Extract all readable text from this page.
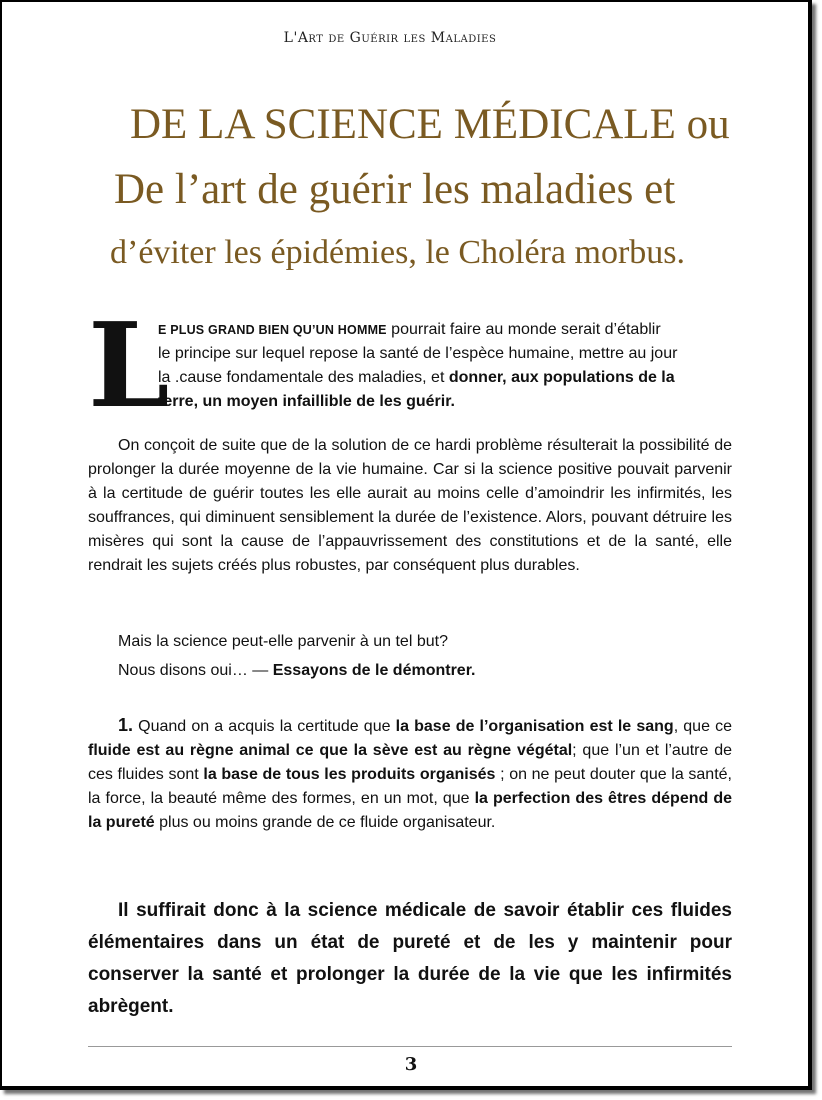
L'Art de Guérir les Maladies
DE LA SCIENCE MÉDICALE ou
De l’art de guérir les maladies et
d’éviter les épidémies, le Choléra morbus.
L
E PLUS GRAND BIEN QU’UN HOMME pourrait faire au monde serait d’établir
le principe sur lequel repose la santé de l’espèce humaine, mettre au jour
la .cause fondamentale des maladies, et donner, aux populations de la
terre, un moyen infaillible de les guérir.

On conçoit de suite que de la solution de ce hardi problème résulterait la possibilité de prolonger la durée moyenne de la vie humaine. Car si la science positive pouvait parvenir à la certitude de guérir toutes les elle aurait au moins celle d’amoindrir les infirmités, les souffrances, qui diminuent sensiblement la durée de l’existence. Alors, pouvant détruire les misères qui sont la cause de l’appauvrissement des constitutions et de la santé, elle rendrait les sujets créés plus robustes, par conséquent plus durables.

Mais la science peut-elle parvenir à un tel but?

Nous disons oui… — Essayons de le démontrer.

1. Quand on a acquis la certitude que la base de l’organisation est le sang, que ce fluide est au règne animal ce que la sève est au règne végétal; que l’un et l’autre de ces fluides sont la base de tous les produits organisés ; on ne peut douter que la santé, la force, la beauté même des formes, en un mot, que la perfection des êtres dépend de la pureté plus ou moins grande de ce fluide organisateur.

Il suffirait donc à la science médicale de savoir établir ces fluides élémentaires dans un état de pureté et de les y maintenir pour conserver la santé et prolonger la durée de la vie que les infirmités abrègent.

3
